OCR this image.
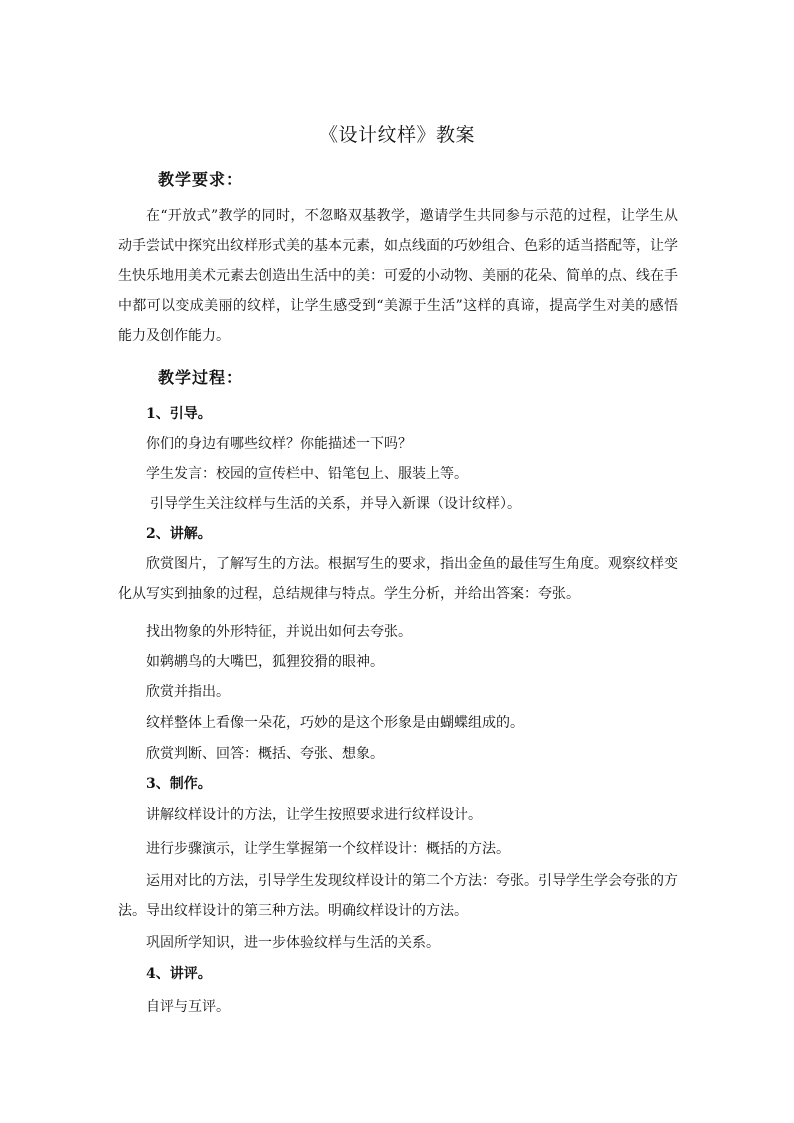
《设计纹样》教案
教学要求：
在“开放式”教学的同时，不忽略双基教学，邀请学生共同参与示范的过程，让学生从动手尝试中探究出纹样形式美的基本元素，如点线面的巧妙组合、色彩的适当搭配等，让学生快乐地用美术元素去创造出生活中的美：可爱的小动物、美丽的花朵、简单的点、线在手中都可以变成美丽的纹样，让学生感受到“美源于生活”这样的真谛，提高学生对美的感悟能力及创作能力。
教学过程：
1、引导。
你们的身边有哪些纹样？你能描述一下吗？
学生发言：校园的宣传栏中、铅笔包上、服装上等。
引导学生关注纹样与生活的关系，并导入新课（设计纹样）。
2、讲解。
欣赏图片，了解写生的方法。根据写生的要求，指出金鱼的最佳写生角度。观察纹样变化从写实到抽象的过程，总结规律与特点。学生分析，并给出答案：夸张。
找出物象的外形特征，并说出如何去夸张。
如鹈鹕鸟的大嘴巴，狐狸狡猾的眼神。
欣赏并指出。
纹样整体上看像一朵花，巧妙的是这个形象是由蝴蝶组成的。
欣赏判断、回答：概括、夸张、想象。
3、制作。
讲解纹样设计的方法，让学生按照要求进行纹样设计。
进行步骤演示，让学生掌握第一个纹样设计：概括的方法。
运用对比的方法，引导学生发现纹样设计的第二个方法：夸张。引导学生学会夸张的方法。导出纹样设计的第三种方法。明确纹样设计的方法。
巩固所学知识，进一步体验纹样与生活的关系。
4、讲评。
自评与互评。
